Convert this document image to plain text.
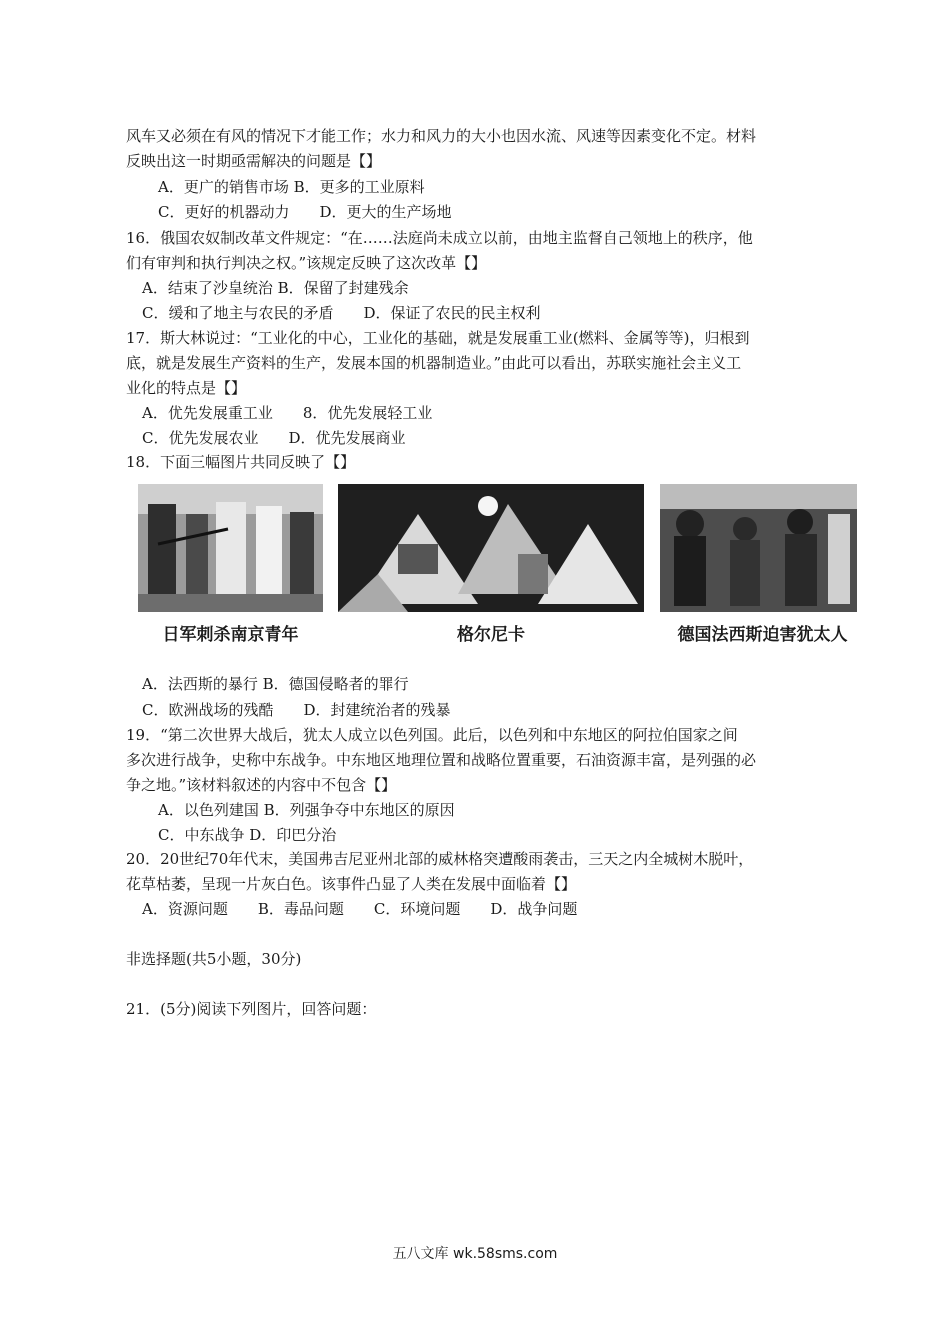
风车又必须在有风的情况下才能工作；水力和风力的大小也因水流、风速等因素变化不定。材料
反映出这一时期亟需解决的问题是【】
A．更广的销售市场 B．更多的工业原料
C．更好的机器动力　　D．更大的生产场地
16．俄国农奴制改革文件规定：“在……法庭尚未成立以前，由地主监督自己领地上的秩序，他
们有审判和执行判决之权。”该规定反映了这次改革【】
A．结束了沙皇统治 B．保留了封建残余
C．缓和了地主与农民的矛盾　　D．保证了农民的民主权利
17．斯大林说过：“工业化的中心，工业化的基础，就是发展重工业(燃料、金属等等)，归根到
底，就是发展生产资料的生产，发展本国的机器制造业。”由此可以看出，苏联实施社会主义工
业化的特点是【】
A．优先发展重工业　　8．优先发展轻工业
C．优先发展农业　　D．优先发展商业
18．下面三幅图片共同反映了【】
日军刺杀南京青年	格尔尼卡	德国法西斯迫害犹太人
A．法西斯的暴行 B．德国侵略者的罪行
C．欧洲战场的残酷　　D．封建统治者的残暴
19．“第二次世界大战后，犹太人成立以色列国。此后，以色列和中东地区的阿拉伯国家之间
多次进行战争，史称中东战争。中东地区地理位置和战略位置重要，石油资源丰富，是列强的必
争之地。”该材料叙述的内容中不包含【】
A．以色列建国 B．列强争夺中东地区的原因
C．中东战争 D．印巴分治
20．20世纪70年代末，美国弗吉尼亚州北部的威林格突遭酸雨袭击，三天之内全城树木脱叶，
花草枯萎，呈现一片灰白色。该事件凸显了人类在发展中面临着【】
A．资源问题　　B．毒品问题　　C．环境问题　　D．战争问题
非选择题(共5小题，30分)
21．(5分)阅读下列图片，回答问题：
五八文库 wk.58sms.com
